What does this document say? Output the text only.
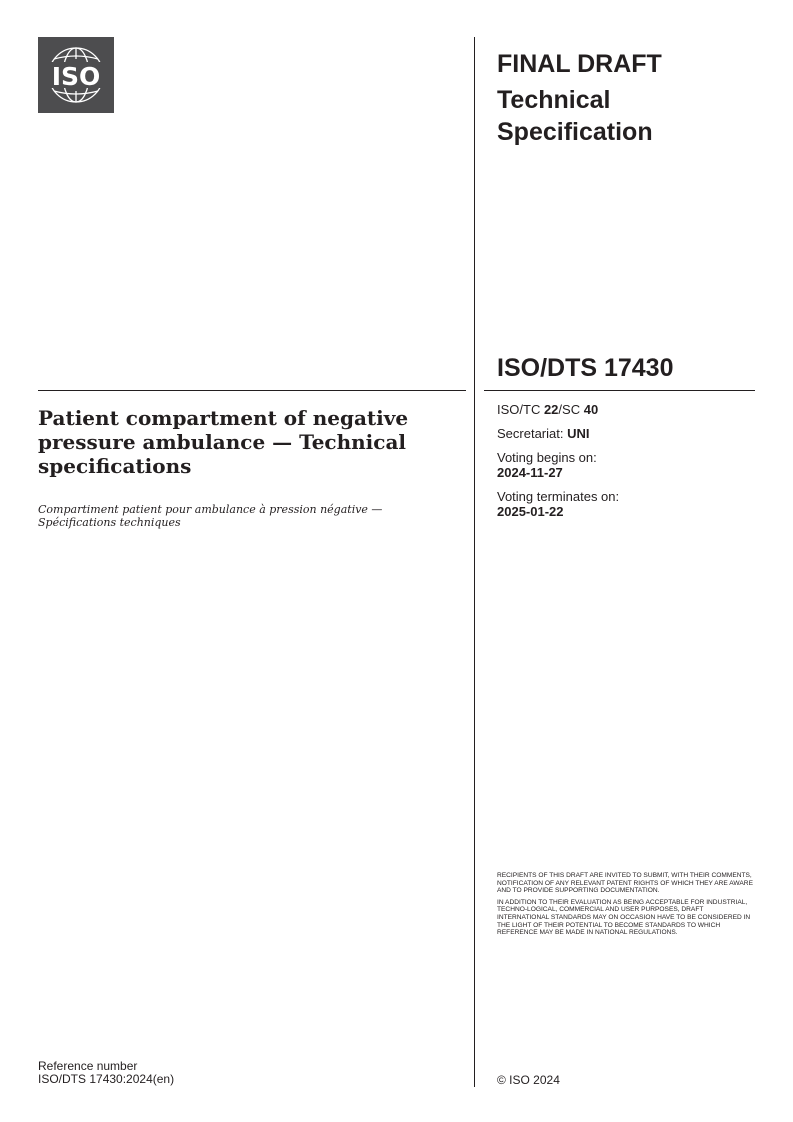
ISO	FINAL DRAFT
Technical
Specification
ISO/DTS 17430
Patient compartment of negative pressure ambulance — Technical specifications
Compartiment patient pour ambulance à pression négative — Spécifications techniques
ISO/TC 22/SC 40
Secretariat: UNI
Voting begins on:
2024-11-27
Voting terminates on:
2025-01-22

RECIPIENTS OF THIS DRAFT ARE INVITED TO SUBMIT, WITH THEIR COMMENTS, NOTIFICATION OF ANY RELEVANT PATENT RIGHTS OF WHICH THEY ARE AWARE AND TO PROVIDE SUPPORTING DOCUMENTATION.

IN ADDITION TO THEIR EVALUATION AS BEING ACCEPTABLE FOR INDUSTRIAL, TECHNO-LOGICAL, COMMERCIAL AND USER PURPOSES, DRAFT INTERNATIONAL STANDARDS MAY ON OCCASION HAVE TO BE CONSIDERED IN THE LIGHT OF THEIR POTENTIAL TO BECOME STANDARDS TO WHICH REFERENCE MAY BE MADE IN NATIONAL REGULATIONS.

Reference number
ISO/DTS 17430:2024(en)	© ISO 2024
